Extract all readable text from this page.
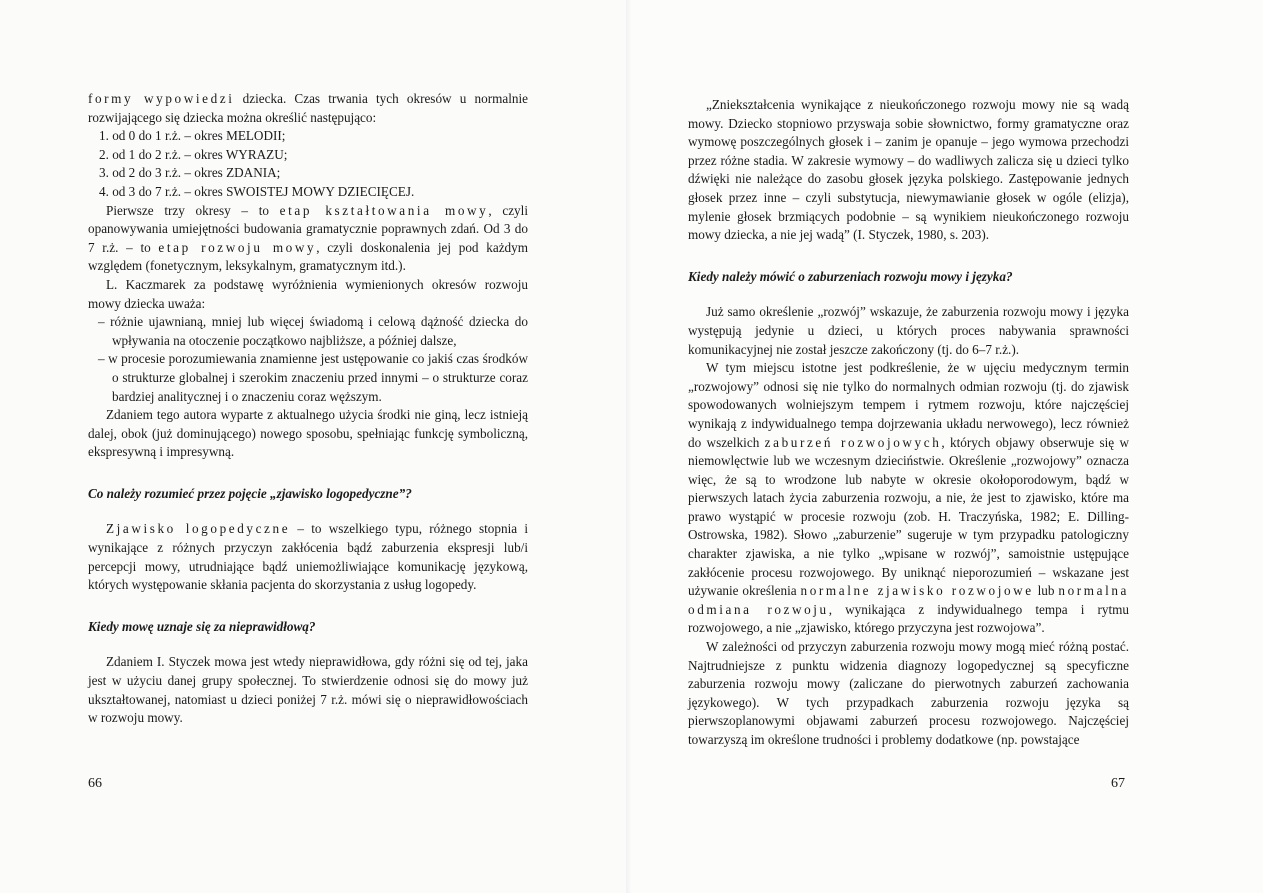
formy wypowiedzi dziecka. Czas trwania tych okresów u normalnie rozwijającego się dziecka można określić następująco:

1. od 0 do 1 r.ż. – okres MELODII;
2. od 1 do 2 r.ż. – okres WYRAZU;
3. od 2 do 3 r.ż. – okres ZDANIA;
4. od 3 do 7 r.ż. – okres SWOISTEJ MOWY DZIECIĘCEJ.

Pierwsze trzy okresy – to etap kształtowania mowy, czyli opanowywania umiejętności budowania gramatycznie poprawnych zdań. Od 3 do 7 r.ż. – to etap rozwoju mowy, czyli doskonalenia jej pod każdym względem (fonetycznym, leksykalnym, gramatycznym itd.).

L. Kaczmarek za podstawę wyróżnienia wymienionych okresów rozwoju mowy dziecka uważa:

– różnie ujawnianą, mniej lub więcej świadomą i celową dążność dziecka do wpływania na otoczenie początkowo najbliższe, a później dalsze,
– w procesie porozumiewania znamienne jest ustępowanie co jakiś czas środków o strukturze globalnej i szerokim znaczeniu przed innymi – o strukturze coraz bardziej analitycznej i o znaczeniu coraz węższym.

Zdaniem tego autora wyparte z aktualnego użycia środki nie giną, lecz istnieją dalej, obok (już dominującego) nowego sposobu, spełniając funkcję symboliczną, ekspresywną i impresywną.

Co należy rozumieć przez pojęcie „zjawisko logopedyczne”?

Zjawisko logopedyczne – to wszelkiego typu, różnego stopnia i wynikające z różnych przyczyn zakłócenia bądź zaburzenia ekspresji lub/i percepcji mowy, utrudniające bądź uniemożliwiające komunikację językową, których występowanie skłania pacjenta do skorzystania z usług logopedy.

Kiedy mowę uznaje się za nieprawidłową?

Zdaniem I. Styczek mowa jest wtedy nieprawidłowa, gdy różni się od tej, jaka jest w użyciu danej grupy społecznej. To stwierdzenie odnosi się do mowy już ukształtowanej, natomiast u dzieci poniżej 7 r.ż. mówi się o nieprawidłowościach w rozwoju mowy.

66

„Zniekształcenia wynikające z nieukończonego rozwoju mowy nie są wadą mowy. Dziecko stopniowo przyswaja sobie słownictwo, formy gramatyczne oraz wymowę poszczególnych głosek i – zanim je opanuje – jego wymowa przechodzi przez różne stadia. W zakresie wymowy – do wadliwych zalicza się u dzieci tylko dźwięki nie należące do zasobu głosek języka polskiego. Zastępowanie jednych głosek przez inne – czyli substytucja, niewymawianie głosek w ogóle (elizja), mylenie głosek brzmiących podobnie – są wynikiem nieukończonego rozwoju mowy dziecka, a nie jej wadą” (I. Styczek, 1980, s. 203).

Kiedy należy mówić o zaburzeniach rozwoju mowy i języka?

Już samo określenie „rozwój” wskazuje, że zaburzenia rozwoju mowy i języka występują jedynie u dzieci, u których proces nabywania sprawności komunikacyjnej nie został jeszcze zakończony (tj. do 6–7 r.ż.).

W tym miejscu istotne jest podkreślenie, że w ujęciu medycznym termin „rozwojowy” odnosi się nie tylko do normalnych odmian rozwoju (tj. do zjawisk spowodowanych wolniejszym tempem i rytmem rozwoju, które najczęściej wynikają z indywidualnego tempa dojrzewania układu nerwowego), lecz również do wszelkich zaburzeń rozwojowych, których objawy obserwuje się w niemowlęctwie lub we wczesnym dzieciństwie. Określenie „rozwojowy” oznacza więc, że są to wrodzone lub nabyte w okresie okołoporodowym, bądź w pierwszych latach życia zaburzenia rozwoju, a nie, że jest to zjawisko, które ma prawo wystąpić w procesie rozwoju (zob. H. Traczyńska, 1982; E. Dilling-Ostrowska, 1982). Słowo „zaburzenie” sugeruje w tym przypadku patologiczny charakter zjawiska, a nie tylko „wpisane w rozwój”, samoistnie ustępujące zakłócenie procesu rozwojowego. By uniknąć nieporozumień – wskazane jest używanie określenia normalne zjawisko rozwojowe lub normalna odmiana rozwoju, wynikająca z indywidualnego tempa i rytmu rozwojowego, a nie „zjawisko, którego przyczyna jest rozwojowa”.

W zależności od przyczyn zaburzenia rozwoju mowy mogą mieć różną postać. Najtrudniejsze z punktu widzenia diagnozy logopedycznej są specyficzne zaburzenia rozwoju mowy (zaliczane do pierwotnych zaburzeń zachowania językowego). W tych przypadkach zaburzenia rozwoju języka są pierwszoplanowymi objawami zaburzeń procesu rozwojowego. Najczęściej towarzyszą im określone trudności i problemy dodatkowe (np. powstające

67
